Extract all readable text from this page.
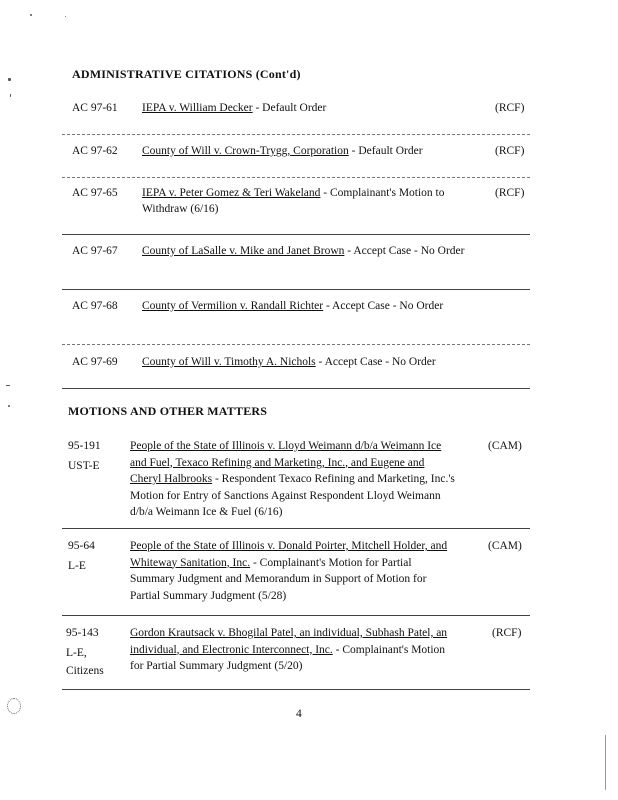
ADMINISTRATIVE CITATIONS (Cont'd)
AC 97-61 IEPA v. William Decker - Default Order	(RCF)
AC 97-62 County of Will v. Crown-Trygg, Corporation - Default Order	(RCF)
AC 97-65 IEPA v. Peter Gomez & Teri Wakeland - Complainant's Motion to Withdraw (6/16)
(RCF)
AC 97-67 County of LaSalle v. Mike and Janet Brown - Accept Case - No Order
AC 97-68 County of Vermilion v. Randall Richter - Accept Case - No Order
AC 97-69 County of Will v. Timothy A. Nichols - Accept Case - No Order
MOTIONS AND OTHER MATTERS
95-191
UST-E
People of the State of Illinois v. Lloyd Weimann d/b/a Weimann Ice and Fuel, Texaco Refining and Marketing, Inc., and Eugene and Cheryl Halbrooks - Respondent Texaco Refining and Marketing, Inc.'s Motion for Entry of Sanctions Against Respondent Lloyd Weimann d/b/a Weimann Ice & Fuel (6/16)
(CAM)
95-64
L-E
People of the State of Illinois v. Donald Poirter, Mitchell Holder, and Whiteway Sanitation, Inc. - Complainant's Motion for Partial Summary Judgment and Memorandum in Support of Motion for Partial Summary Judgment (5/28)
(CAM)
95-143
L-E, Citizens
Gordon Krautsack v. Bhogilal Patel, an individual, Subhash Patel, an individual, and Electronic Interconnect, Inc. - Complainant's Motion for Partial Summary Judgment (5/20)
(RCF)
4
